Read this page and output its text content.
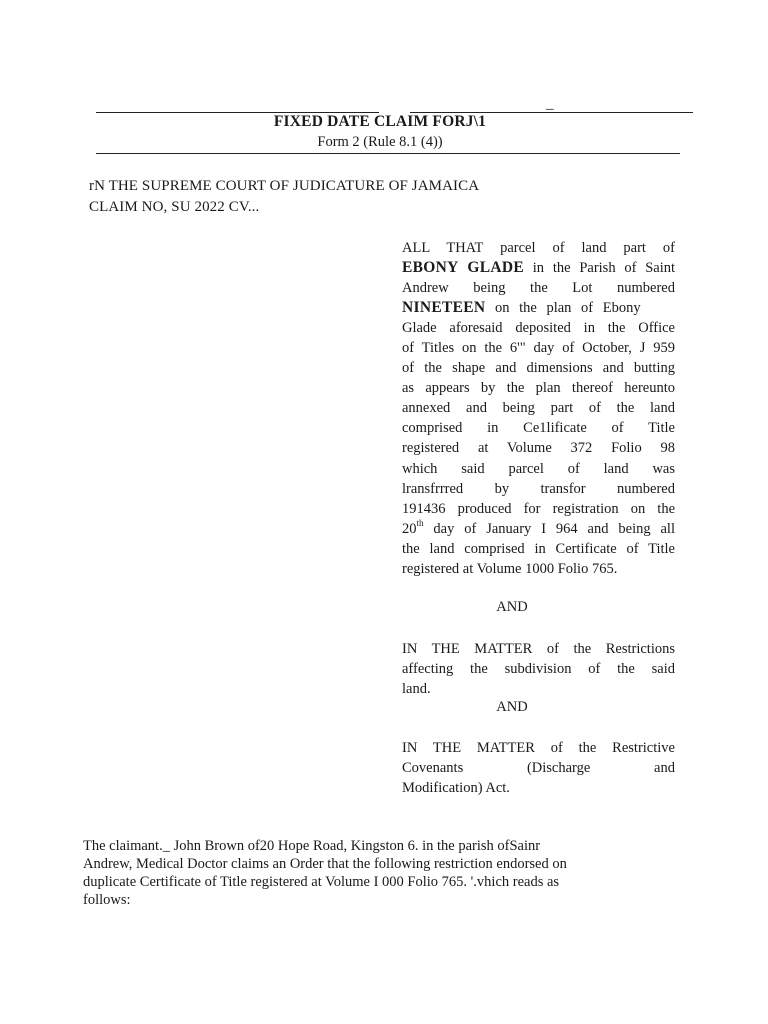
_
FIXED DATE CLAIM FORJ\1
Form 2 (Rule 8.1 (4))
rN THE SUPREME COURT OF JUDICATURE OF JAMAICA
CLAIM NO, SU 2022 CV...
ALL THAT parcel of land part of
EBONY GLADE in the Parish of Saint
Andrew being the Lot numbered
NINETEEN on the plan of Ebony
Glade aforesaid deposited in the Office
of Titles on the 6'" day of October, J 959
of the shape and dimensions and butting
as appears by the plan thereof hereunto
annexed and being part of the land
comprised in Ce1lificate of Title
registered at Volume 372 Folio 98
which said parcel of land was
lransfrrred by transfor numbered
191436 produced for registration on the
20th day of January I 964 and being all
the land comprised in Certificate of Title
registered at Volume 1000 Folio 765.
AND
IN THE MATTER of the Restrictions
affecting the subdivision of the said
land.
AND
IN THE MATTER of the Restrictive
Covenants (Discharge and
Modification) Act.
The claimant._ John Brown of20 Hope Road, Kingston 6. in the parish ofSainr
Andrew, Medical Doctor claims an Order that the following restriction endorsed on
duplicate Certificate of Title registered at Volume I 000 Folio 765. '.vhich reads as
follows:
